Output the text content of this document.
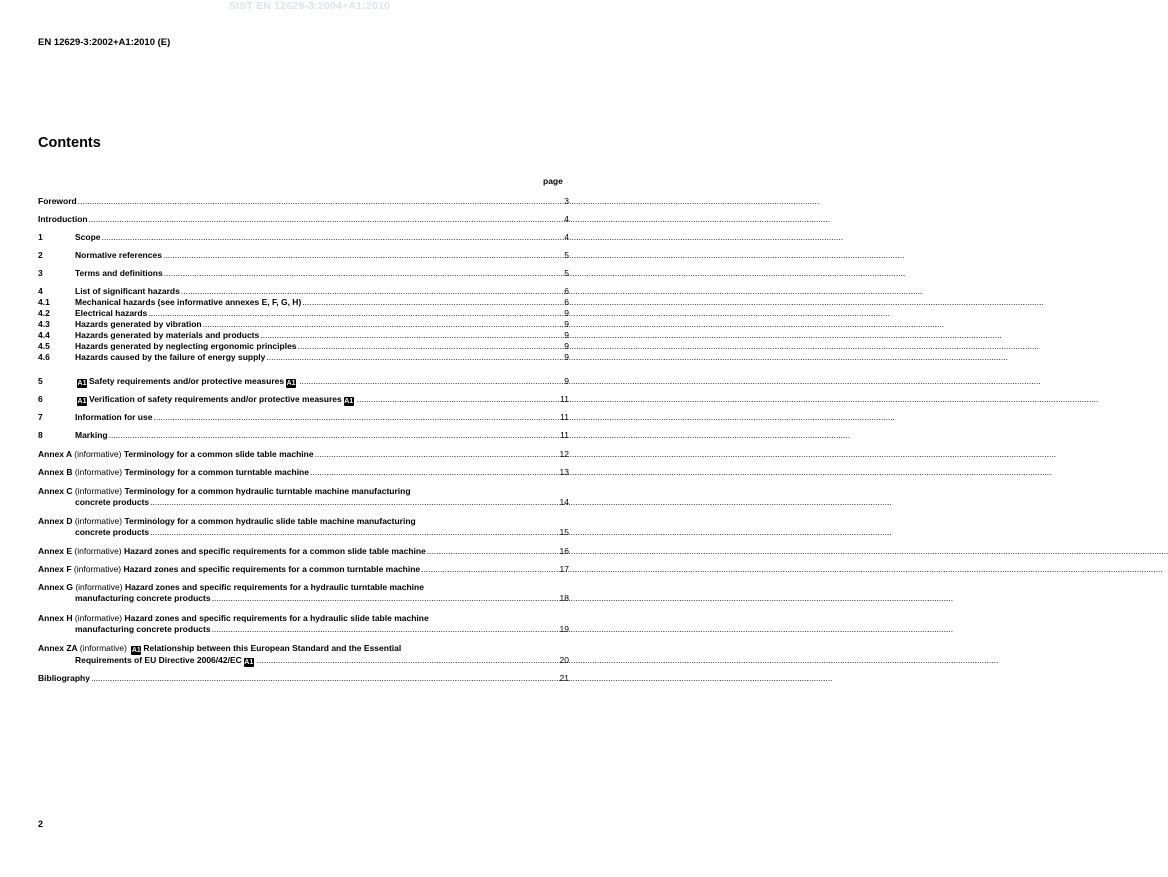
SIST EN 12629-3:2004+A1:2010
EN 12629-3:2002+A1:2010 (E)
Contents
page
Foreword .....	3
Introduction .....	4
1	Scope .....	4
2	Normative references .....	5
3	Terms and definitions .....	5
4	List of significant hazards .....	6
4.1	Mechanical hazards (see informative annexes E, F, G, H) .....	6
4.2	Electrical hazards .....	9
4.3	Hazards generated by vibration .....	9
4.4	Hazards generated by materials and products .....	9
4.5	Hazards generated by neglecting ergonomic principles .....	9
4.6	Hazards caused by the failure of energy supply .....	9
5	A1 Safety requirements and/or protective measures A1 .....	9
6	A1 Verification of safety requirements and/or protective measures A1 .....	11
7	Information for use .....	11
8	Marking .....	11
Annex A (informative) Terminology for a common slide table machine .....	12
Annex B (informative) Terminology for a common turntable machine .....	13
Annex C (informative) Terminology for a common hydraulic turntable machine manufacturing
concrete products .....	14
Annex D (informative) Terminology for a common hydraulic slide table machine manufacturing
concrete products .....	15
Annex E (informative) Hazard zones and specific requirements for a common slide table machine .....	16
Annex F (informative) Hazard zones and specific requirements for a common turntable machine .....	17
Annex G (informative) Hazard zones and specific requirements for a hydraulic turntable machine
manufacturing concrete products .....	18
Annex H (informative) Hazard zones and specific requirements for a hydraulic slide table machine
manufacturing concrete products .....	19
Annex ZA (informative) A1 Relationship between this European Standard and the Essential
Requirements of EU Directive 2006/42/EC A1 .....	20
Bibliography .....	21
2
